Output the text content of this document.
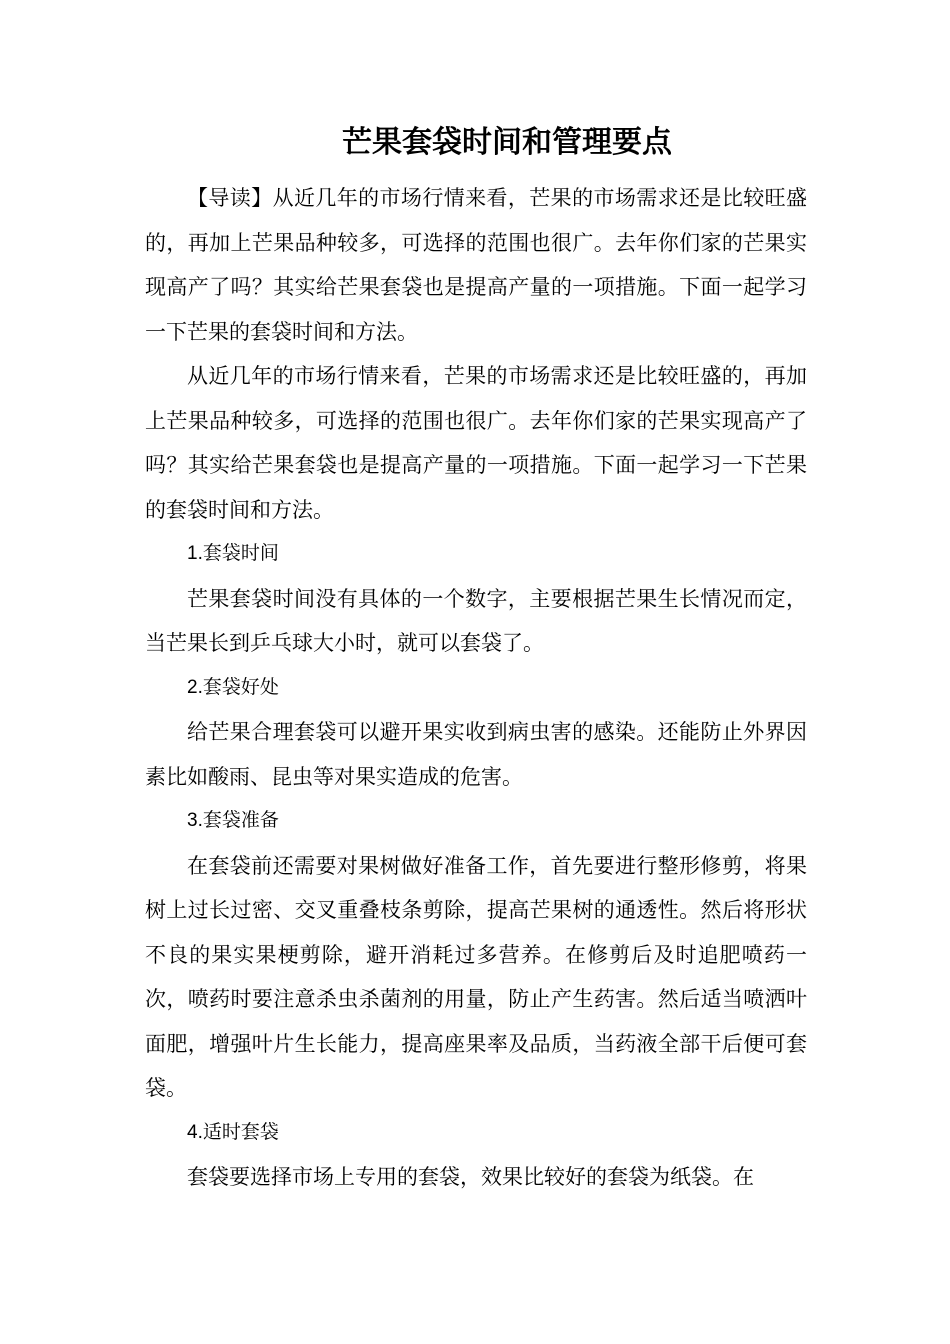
芒果套袋时间和管理要点

【导读】从近几年的市场行情来看，芒果的市场需求还是比较旺盛的，再加上芒果品种较多，可选择的范围也很广。去年你们家的芒果实现高产了吗？其实给芒果套袋也是提高产量的一项措施。下面一起学习一下芒果的套袋时间和方法。

从近几年的市场行情来看，芒果的市场需求还是比较旺盛的，再加上芒果品种较多，可选择的范围也很广。去年你们家的芒果实现高产了吗？其实给芒果套袋也是提高产量的一项措施。下面一起学习一下芒果的套袋时间和方法。

1.套袋时间

芒果套袋时间没有具体的一个数字，主要根据芒果生长情况而定，当芒果长到乒乓球大小时，就可以套袋了。

2.套袋好处

给芒果合理套袋可以避开果实收到病虫害的感染。还能防止外界因素比如酸雨、昆虫等对果实造成的危害。

3.套袋准备

在套袋前还需要对果树做好准备工作，首先要进行整形修剪，将果树上过长过密、交叉重叠枝条剪除，提高芒果树的通透性。然后将形状不良的果实果梗剪除，避开消耗过多营养。在修剪后及时追肥喷药一次，喷药时要注意杀虫杀菌剂的用量，防止产生药害。然后适当喷洒叶面肥，增强叶片生长能力，提高座果率及品质，当药液全部干后便可套袋。

4.适时套袋

套袋要选择市场上专用的套袋，效果比较好的套袋为纸袋。在
